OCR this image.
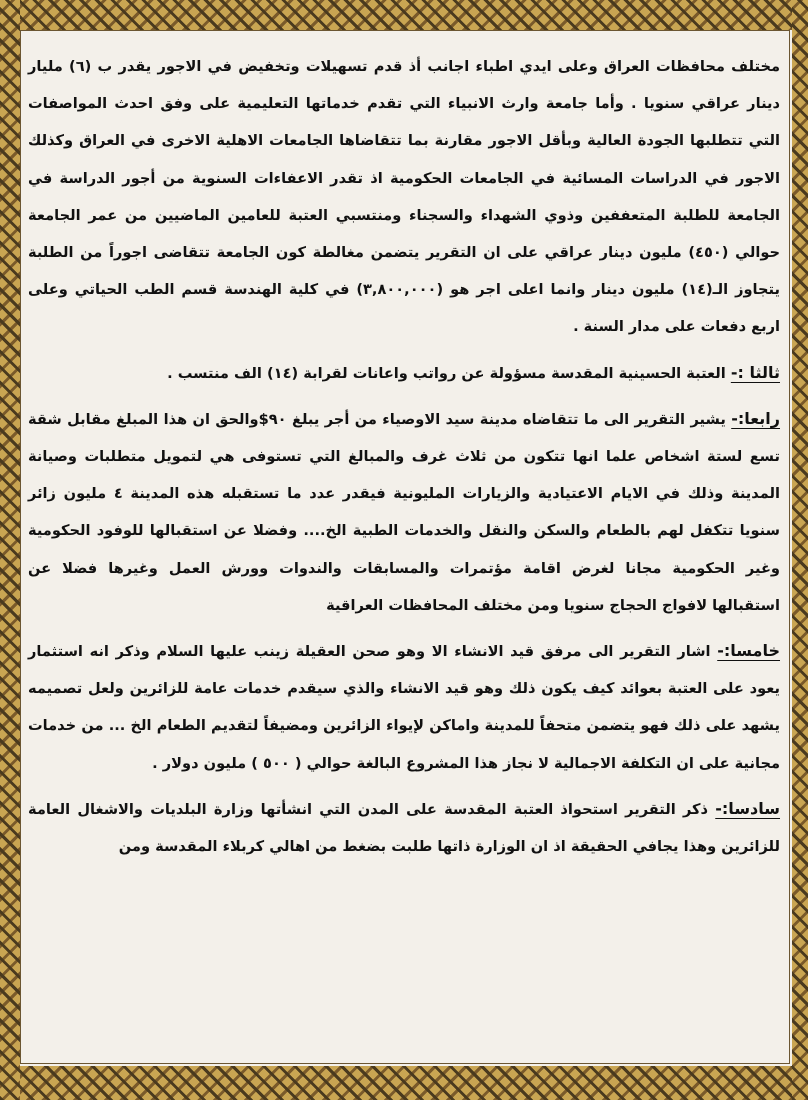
مختلف محافظات العراق وعلى ايدي اطباء اجانب أذ قدم تسهيلات وتخفيض في الاجور يقدر ب (٦) مليار دينار عراقي سنويا . وأما جامعة وارث الانبياء التي تقدم خدماتها التعليمية على وفق احدث المواصفات التي تتطلبها الجودة العالية وبأقل الاجور مقارنة بما تتقاضاها الجامعات الاهلية الاخرى في العراق وكذلك الاجور في الدراسات المسائية في الجامعات الحكومية اذ تقدر الاعفاءات السنوية من أجور الدراسة في الجامعة للطلبة المتعففين وذوي الشهداء والسجناء ومنتسبي العتبة للعامين الماضيين من عمر الجامعة حوالي (٤٥٠) مليون دينار عراقي على ان التقرير يتضمن مغالطة كون الجامعة تتقاضى اجوراً من الطلبة يتجاوز الـ(١٤) مليون دينار وانما اعلى اجر هو (٣,٨٠٠,٠٠٠) في كلية الهندسة قسم الطب الحياتي وعلى اربع دفعات على مدار السنة .

ثالثا :- العتبة الحسينية المقدسة مسؤولة عن رواتب واعانات لقرابة (١٤) الف منتسب .

رابعا:- يشير التقرير الى ما تتقاضاه مدينة سيد الاوصياء من أجر يبلغ ٩٠$والحق ان هذا المبلغ مقابل شقة تسع لستة اشخاص علما انها تتكون من ثلاث غرف والمبالغ التي تستوفى هي لتمويل متطلبات وصيانة المدينة وذلك في الايام الاعتيادية والزيارات المليونية فيقدر عدد ما تستقبله هذه المدينة ٤ مليون زائر سنويا تتكفل لهم بالطعام والسكن والنقل والخدمات الطبية الخ.... وفضلا عن استقبالها للوفود الحكومية وغير الحكومية مجانا لغرض اقامة مؤتمرات والمسابقات والندوات وورش العمل وغيرها فضلا عن استقبالها لافواج الحجاج سنويا ومن مختلف المحافظات العراقية

خامسا:- اشار التقرير الى مرفق قيد الانشاء الا وهو صحن العقيلة زينب عليها السلام وذكر انه استثمار يعود على العتبة بعوائد كيف يكون ذلك وهو قيد الانشاء والذي سيقدم خدمات عامة للزائرين ولعل تصميمه يشهد على ذلك فهو يتضمن متحفاً للمدينة واماكن لإيواء الزائرين ومضيفاً لتقديم الطعام الخ ... من خدمات مجانية على ان التكلفة الاجمالية لا نجاز هذا المشروع البالغة حوالي ( ٥٠٠ ) مليون دولار .

سادسا:- ذكر التقرير استحواذ العتبة المقدسة على المدن التي انشأتها وزارة البلديات والاشغال العامة للزائرين وهذا يجافي الحقيقة اذ ان الوزارة ذاتها طلبت بضغط من اهالي كربلاء المقدسة ومن
